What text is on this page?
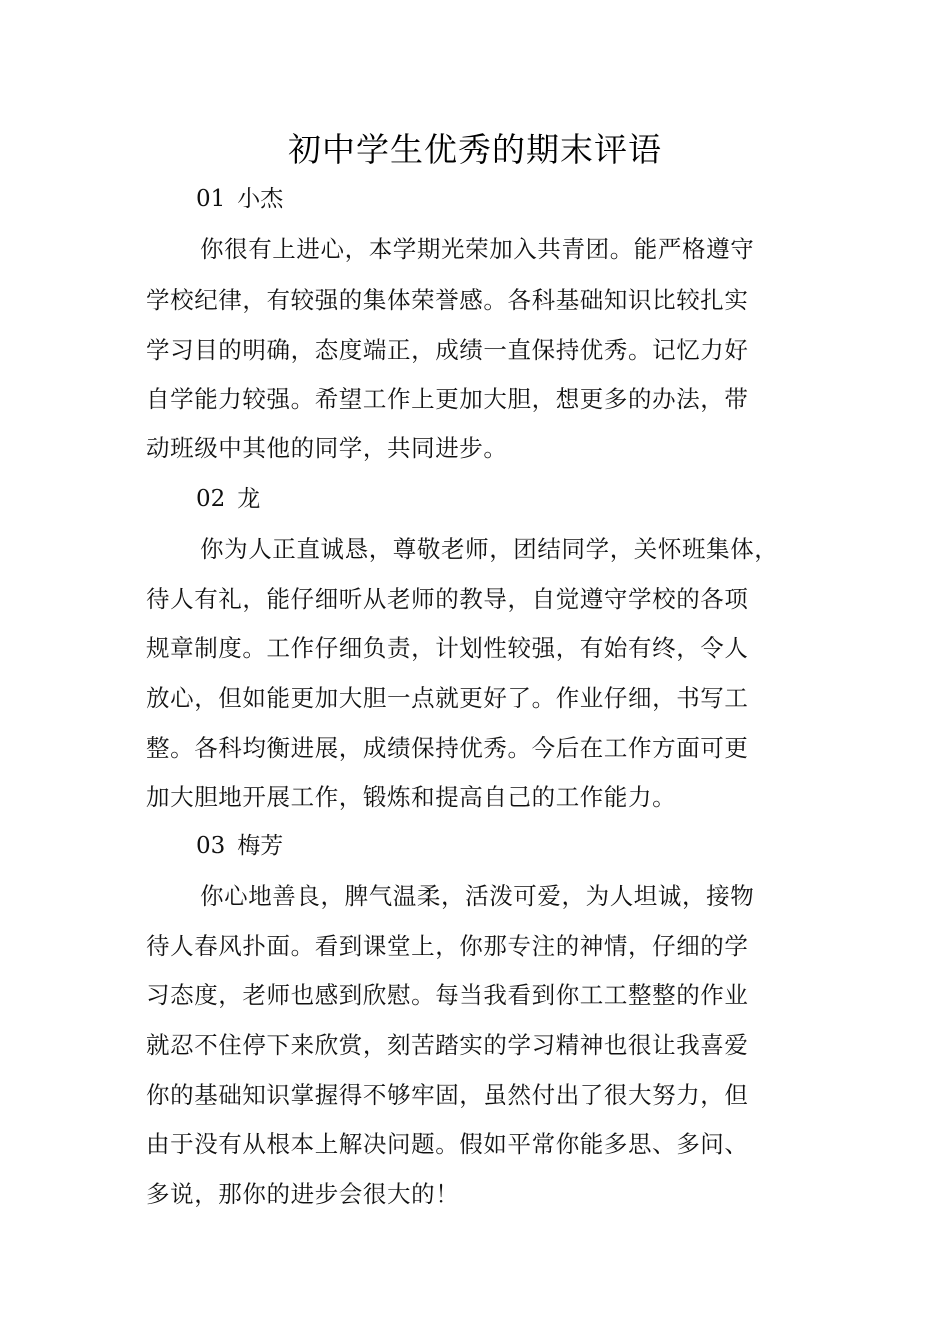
初中学生优秀的期末评语
01 小杰
你很有上进心，本学期光荣加入共青团。能严格遵守
学校纪律，有较强的集体荣誉感。各科基础知识比较扎实
学习目的明确，态度端正，成绩一直保持优秀。记忆力好
自学能力较强。希望工作上更加大胆，想更多的办法，带
动班级中其他的同学，共同进步。
02 龙
你为人正直诚恳，尊敬老师，团结同学，关怀班集体，
待人有礼，能仔细听从老师的教导，自觉遵守学校的各项
规章制度。工作仔细负责，计划性较强，有始有终，令人
放心，但如能更加大胆一点就更好了。作业仔细，书写工
整。各科均衡进展，成绩保持优秀。今后在工作方面可更
加大胆地开展工作，锻炼和提高自己的工作能力。
03 梅芳
你心地善良，脾气温柔，活泼可爱，为人坦诚，接物
待人春风扑面。看到课堂上，你那专注的神情，仔细的学
习态度，老师也感到欣慰。每当我看到你工工整整的作业
就忍不住停下来欣赏，刻苦踏实的学习精神也很让我喜爱
你的基础知识掌握得不够牢固，虽然付出了很大努力，但
由于没有从根本上解决问题。假如平常你能多思、多问、
多说，那你的进步会很大的！
